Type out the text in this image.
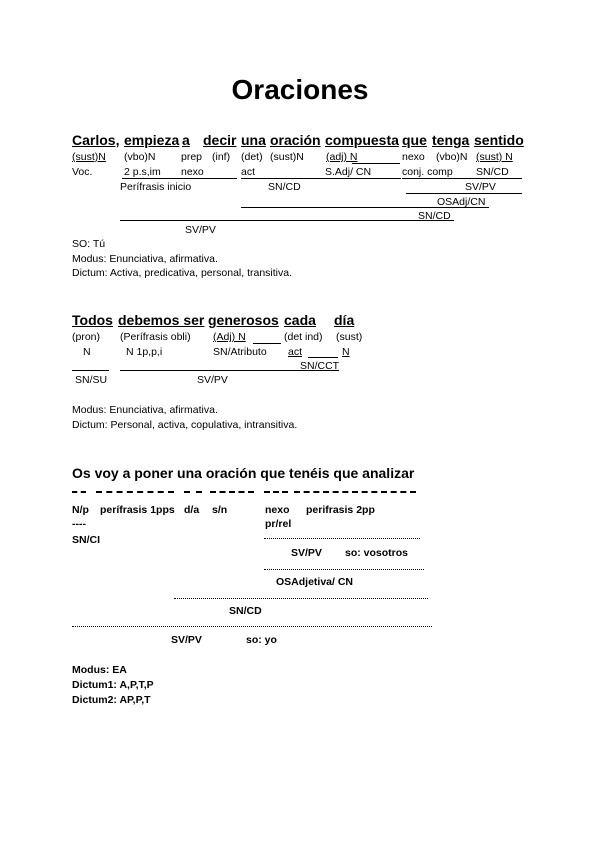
Oraciones
Carlos, empieza a decir una oración compuesta que tenga sentido
(sust)N (vbo)N prep (inf) (det) (sust)N (adj) N	nexo (vbo)N (sust) N
Voc.	2 p.s,im nexo	act	S.Adj/ CN	conj. comp SN/CD
Perífrasis inicio	SN/CD	SV/PV
OSAdj/CN
SN/CD
SV/PV
SO: Tú
Modus: Enunciativa, afirmativa.
Dictum: Activa, predicativa, personal, transitiva.
Todos debemos ser generosos cada día
(pron) (Perífrasis obli) (Adj) N	(det ind) (sust)
N	N 1p,p,i	SN/Atributo act	N
SN/CCT
SN/SU	SV/PV
Modus: Enunciativa, afirmativa.
Dictum: Personal, activa, copulativa, intransitiva.
Os voy a poner una oración que tenéis que analizar
N/p perífrasis 1pps d/a s/n	nexo perifrasis 2pp
----	pr/rel
SN/CI
SV/PV so: vosotros
OSAdjetiva/ CN
SN/CD
SV/PV	so: yo
Modus: EA
Dictum1: A,P,T,P
Dictum2: AP,P,T
